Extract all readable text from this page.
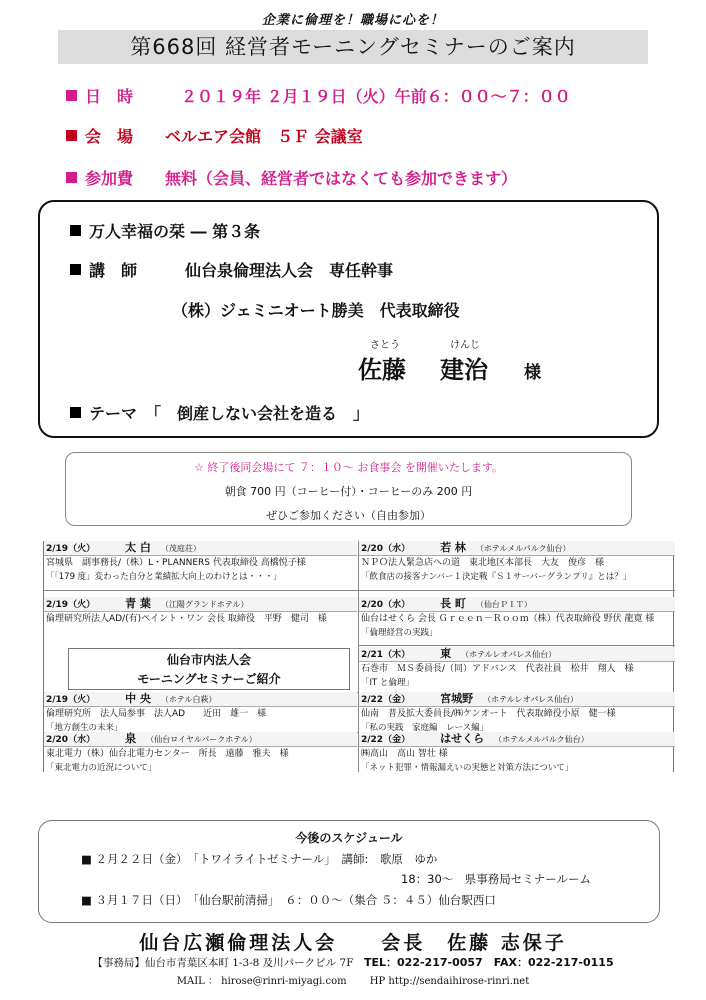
企業に倫理を！職場に心を！
第668回 経営者モーニングセミナーのご案内
日　時　　　	２０１９年 ２月１９日（火）午前６：００～７：００
会　場　　 ベルエア会館　５Ｆ 会議室
参加費　　 無料（会員、経営者ではなくても参加できます）
万人幸福の栞 ― 第３条
講　師　　　	仙台泉倫理法人会　専任幹事
（株）ジェミニオート勝美　代表取締役
さとう	けんじ
佐藤 建治 様
テーマ　 「　倒産しない会社を造る　」
☆ 終了後同会場にて ７：１０～ お食事会 を開催いたします。
朝食 700 円（コーヒー付）・コーヒーのみ 200 円
ぜひご参加ください（自由参加）
2/19（火）	太 白 （茂庭荘）
宮城県　副事務長/（株）L・PLANNERS 代表取締役 高橋悦子様
「「179 度」変わった自分と業績拡大向上のわけとは・・・」
2/19（火）	青 葉 （江陽グランドホテル）
倫理研究所法人AD/(有)ペイント・ワン 会長 取締役　平野　健司　様
2/19（火）	中 央 （ホテル白萩）
倫理研究所　法人局参事　法人AD　　近田　雄一　様
「地方創生の未来」
2/20（水）	泉 （仙台ロイヤルパークホテル）
東北電力（株）仙台北電力センター　所長　遠藤　雅夫　様
「東北電力の近況について」
2/20（水）	若 林 （ホテルメルパルク仙台）
ＮＰＯ法人緊急店への道　東北地区本部長　大友　俊彦　様
「飲食店の接客ナンバー１決定戦『Ｓ１サーバーグランプリ』とは？」
2/20（水）	長 町 （仙台ＰＩＴ）
仙台はせくら 会長 Ｇｒｅｅｎ－Ｒｏｏｍ（株）代表取締役 野伏 龍寛 様
「倫理経営の実践」
2/21（木）	東 （ホテルレオパレス仙台）
石巻市　ＭＳ委員長/（同）アドバンス　代表社員　松井　翔人　様
「IT と倫理」
2/22（金）	宮城野 （ホテルレオパレス仙台）
仙南　普及拡大委員長/㈱ケンオート　代表取締役小原　健一様
「私の実践　家庭編　レース編」
2/22（金）	はせくら （ホテルメルパルク仙台）
㈱高山　高山 智壮 様
「ネット犯罪・情報漏えいの実態と対策方法について」
仙台市内法人会
モーニングセミナーご紹介
今後のスケジュール
■ ２月２２日（金）　「トワイライトゼミナール」　講師:　歌原　ゆか
18：30～　県事務局セミナールーム
■ ３月１７日（日）　「仙台駅前清掃」　６：００～（集合 ５：４５）仙台駅西口
仙台広瀬倫理法人会　　会長　佐藤 志保子
【事務局】仙台市青葉区本町 1-3-8 及川パークビル 7F　 TEL：022-217-0057　FAX：022-217-0115
MAIL ： hirose@rinri-miyagi.com　　 HP http://sendaihirose-rinri.net
